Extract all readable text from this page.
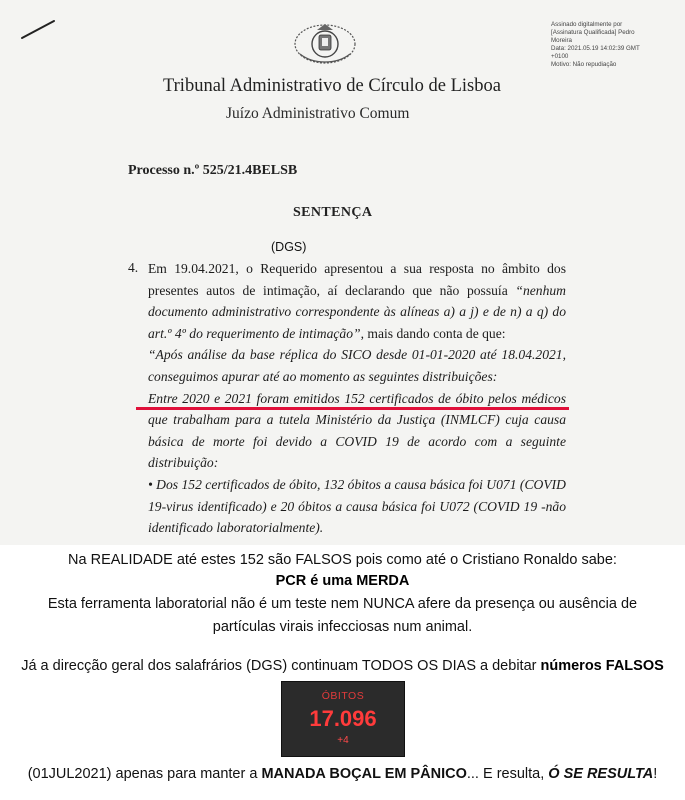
Assinado digitalmente por
[Assinatura Qualificada] Pedro
Moreira
Data: 2021.05.19 14:02:39 GMT
+0100
Motivo: Não repudiação
Tribunal Administrativo de Círculo de Lisboa
Juízo Administrativo Comum
Processo n.º 525/21.4BELSB
SENTENÇA
(DGS)
4. Em 19.04.2021, o Requerido apresentou a sua resposta no âmbito dos
presentes autos de intimação, aí declarando que não possuía “nenhum
documento administrativo correspondente às alíneas a) a j) e de n) a q) do
art.º 4º do requerimento de intimação”, mais dando conta de que:
“Após análise da base réplica do SICO desde 01-01-2020 até 18.04.2021,
conseguimos apurar até ao momento as seguintes distribuições:
Entre 2020 e 2021 foram emitidos 152 certificados de óbito pelos médicos
que trabalham para a tutela Ministério da Justiça (INMLCF) cuja causa
básica de morte foi devido a COVID 19 de acordo com a seguinte
distribuição:
• Dos 152 certificados de óbito, 132 óbitos a causa básica foi U071 (COVID
19-virus identificado) e 20 óbitos a causa básica foi U072 (COVID 19 -não
identificado laboratorialmente).
Na REALIDADE até estes 152 são FALSOS pois como até o Cristiano Ronaldo sabe:
PCR é uma MERDA
Esta ferramenta laboratorial não é um teste nem NUNCA afere da presença ou ausência de
partículas virais infecciosas num animal.
Já a direcção geral dos salafrários (DGS) continuam TODOS OS DIAS a debitar números FALSOS
ÓBITOS
17.096
+4
(01JUL2021) apenas para manter a MANADA BOÇAL EM PÂNICO... E resulta, Ó SE RESULTA!
